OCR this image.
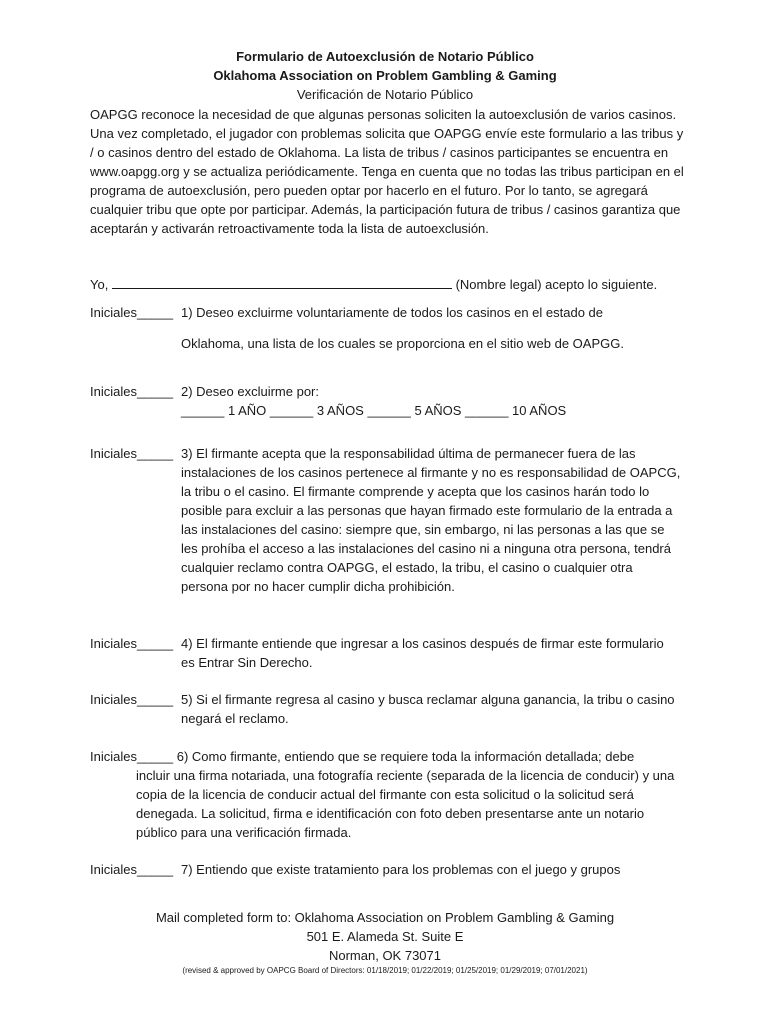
Formulario de Autoexclusión de Notario Público
Oklahoma Association on Problem Gambling & Gaming
Verificación de Notario Público

OAPGG reconoce la necesidad de que algunas personas soliciten la autoexclusión de varios casinos. Una vez completado, el jugador con problemas solicita que OAPGG envíe este formulario a las tribus y / o casinos dentro del estado de Oklahoma. La lista de tribus / casinos participantes se encuentra en www.oapgg.org y se actualiza periódicamente. Tenga en cuenta que no todas las tribus participan en el programa de autoexclusión, pero pueden optar por hacerlo en el futuro. Por lo tanto, se agregará cualquier tribu que opte por participar. Además, la participación futura de tribus / casinos garantiza que aceptarán y activarán retroactivamente toda la lista de autoexclusión.

Yo,	(Nombre legal) acepto lo siguiente.
Iniciales_____ 1) Deseo excluirme voluntariamente de todos los casinos en el estado de
Oklahoma, una lista de los cuales se proporciona en el sitio web de OAPGG.
Iniciales_____ 2) Deseo excluirme por:
______ 1 AÑO ______ 3 AÑOS ______ 5 AÑOS ______ 10 AÑOS
Iniciales_____ 3) El firmante acepta que la responsabilidad última de permanecer fuera de las instalaciones de los casinos pertenece al firmante y no es responsabilidad de OAPCG, la tribu o el casino. El firmante comprende y acepta que los casinos harán todo lo posible para excluir a las personas que hayan firmado este formulario de la entrada a las instalaciones del casino: siempre que, sin embargo, ni las personas a las que se les prohíba el acceso a las instalaciones del casino ni a ninguna otra persona, tendrá cualquier reclamo contra OAPGG, el estado, la tribu, el casino o cualquier otra persona por no hacer cumplir dicha prohibición.
Iniciales_____ 4) El firmante entiende que ingresar a los casinos después de firmar este formulario es Entrar Sin Derecho.
Iniciales_____ 5) Si el firmante regresa al casino y busca reclamar alguna ganancia, la tribu o casino negará el reclamo.
Iniciales_____ 6) Como firmante, entiendo que se requiere toda la información detallada; debe
incluir una firma notariada, una fotografía reciente (separada de la licencia de conducir) y una copia de la licencia de conducir actual del firmante con esta solicitud o la solicitud será denegada. La solicitud, firma e identificación con foto deben presentarse ante un notario público para una verificación firmada.
Iniciales_____ 7) Entiendo que existe tratamiento para los problemas con el juego y grupos
Mail completed form to: Oklahoma Association on Problem Gambling & Gaming
501 E. Alameda St. Suite E
Norman, OK 73071
(revised & approved by OAPCG Board of Directors: 01/18/2019; 01/22/2019; 01/25/2019; 01/29/2019; 07/01/2021)
